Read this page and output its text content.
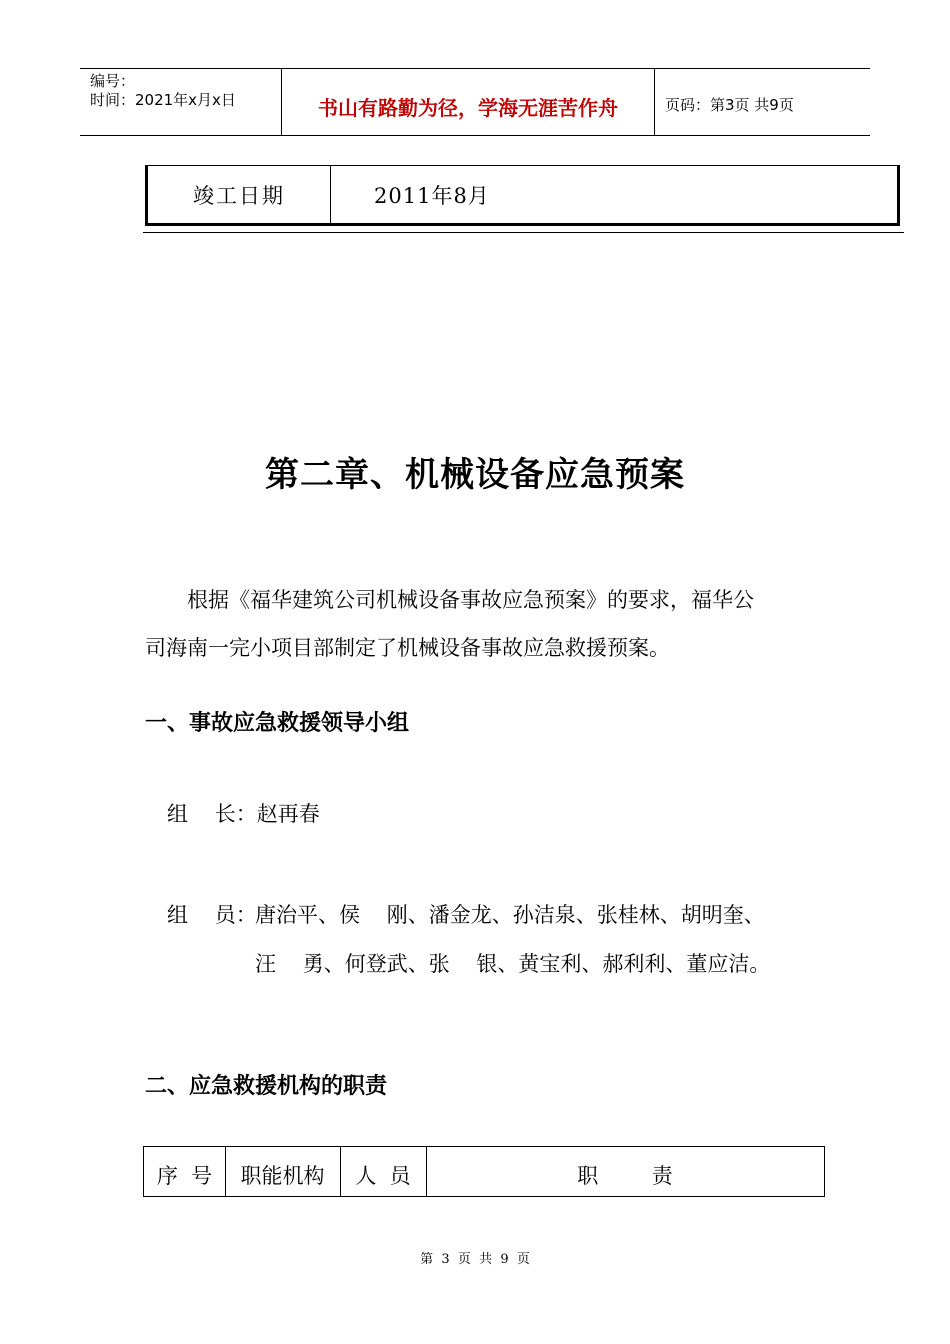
编号：
时间：2021年x月x日	书山有路勤为径，学海无涯苦作舟	页码：第3页 共9页
竣工日期	2011年8月
第二章、机械设备应急预案
根据《福华建筑公司机械设备事故应急预案》的要求，福华公
司海南一完小项目部制定了机械设备事故应急救援预案。
一、事故应急救援领导小组
组    长：赵再春
组    员：
唐治平、侯    刚、潘金龙、孙洁泉、张桂林、胡明奎、
汪    勇、何登武、张    银、黄宝利、郝利利、董应洁。
二、应急救援机构的职责
序  号	职能机构	人  员	职        责
第  3  页  共  9  页
